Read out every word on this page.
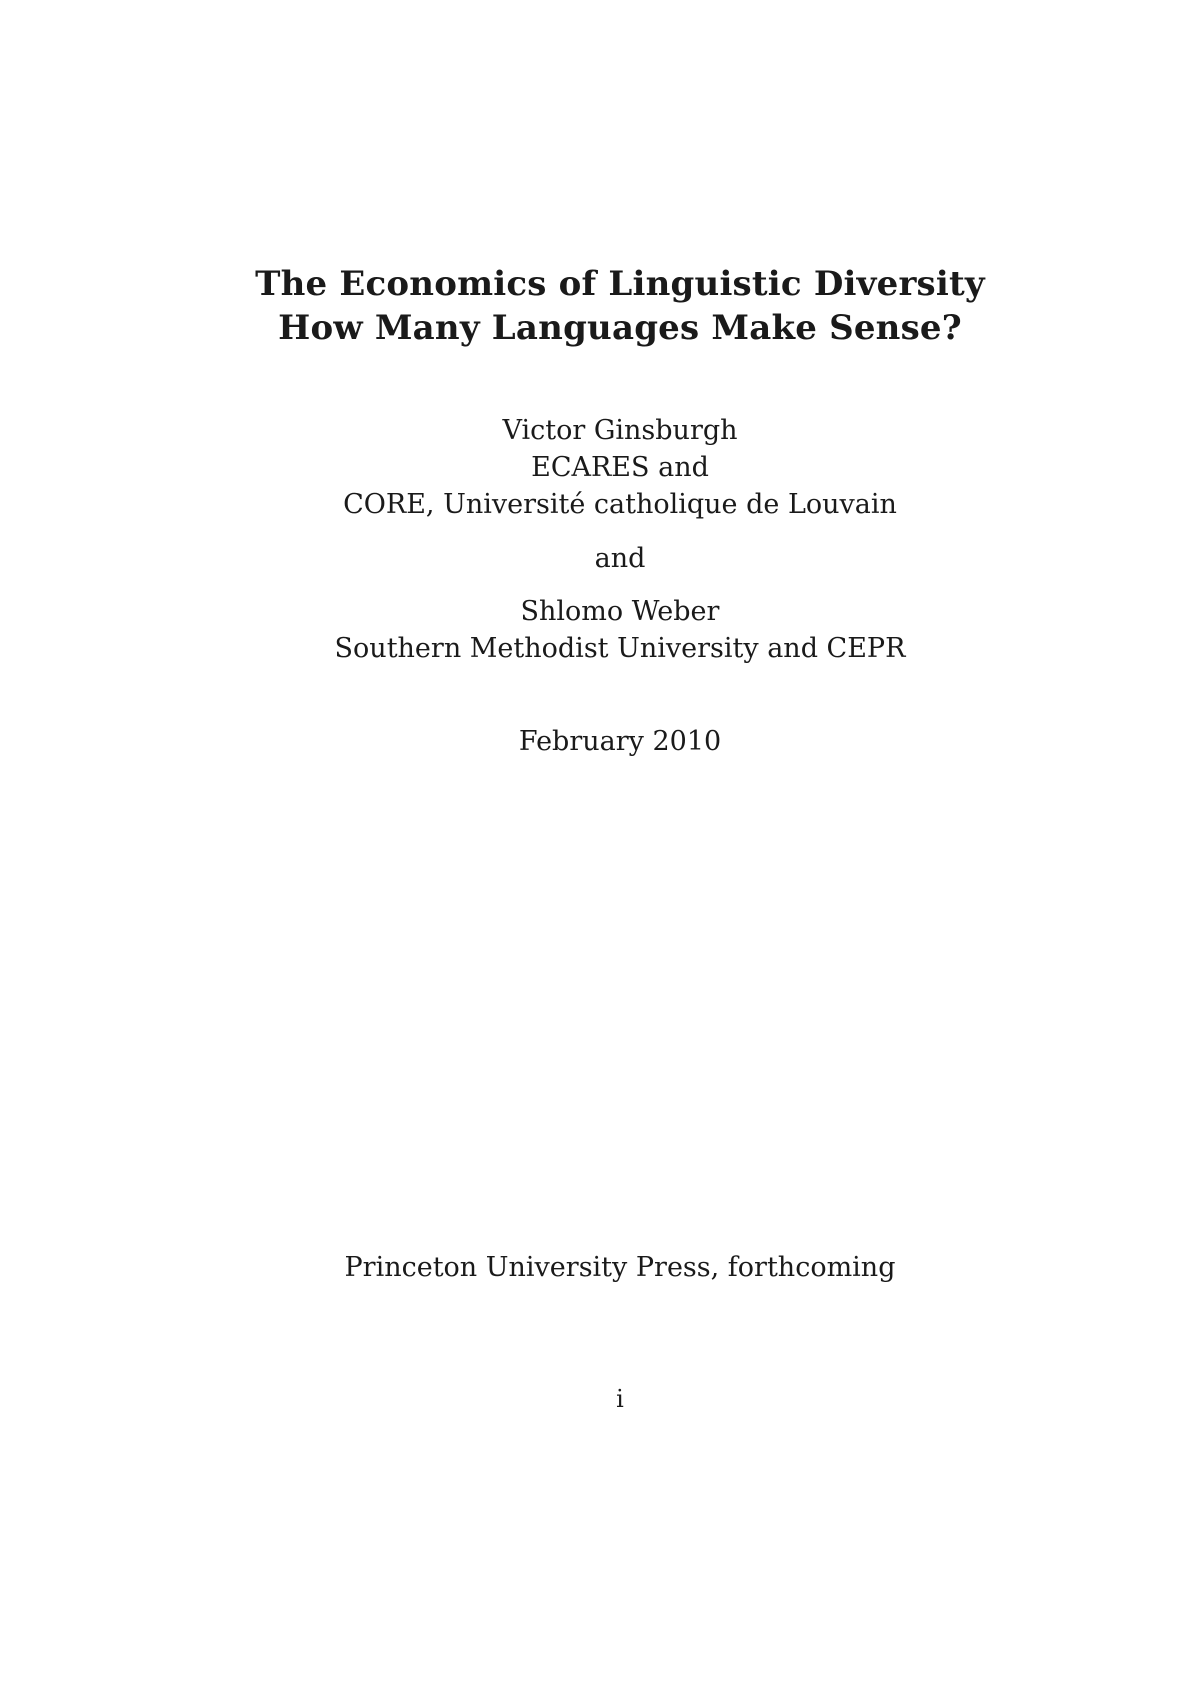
The Economics of Linguistic Diversity
How Many Languages Make Sense?
Victor Ginsburgh
ECARES and
CORE, Université catholique de Louvain
and
Shlomo Weber
Southern Methodist University and CEPR
February 2010
Princeton University Press, forthcoming
i
